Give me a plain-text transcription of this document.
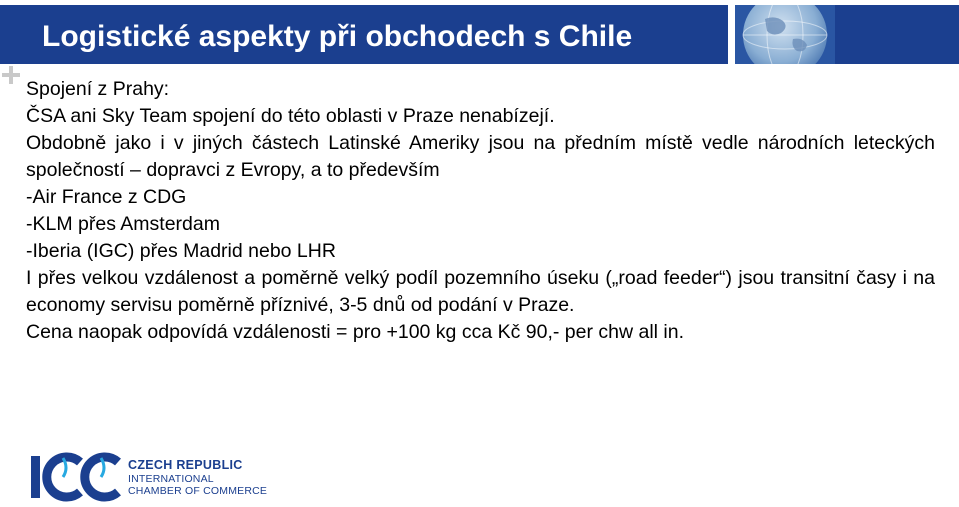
Logistické aspekty při obchodech s Chile

Spojení z Prahy:

ČSA ani Sky Team spojení do této oblasti v Praze nenabízejí.

Obdobně jako i v jiných částech Latinské Ameriky jsou na předním místě vedle národních leteckých společností – dopravci z Evropy, a to především

-Air France z CDG

-KLM přes Amsterdam

-Iberia (IGC) přes Madrid nebo LHR

I přes velkou vzdálenost a poměrně velký podíl pozemního úseku („road feeder“) jsou transitní časy i na economy servisu poměrně příznivé, 3-5 dnů od podání v Praze.

Cena naopak odpovídá vzdálenosti = pro +100 kg cca Kč 90,- per chw all in.

CZECH REPUBLIC
INTERNATIONAL
CHAMBER OF COMMERCE
